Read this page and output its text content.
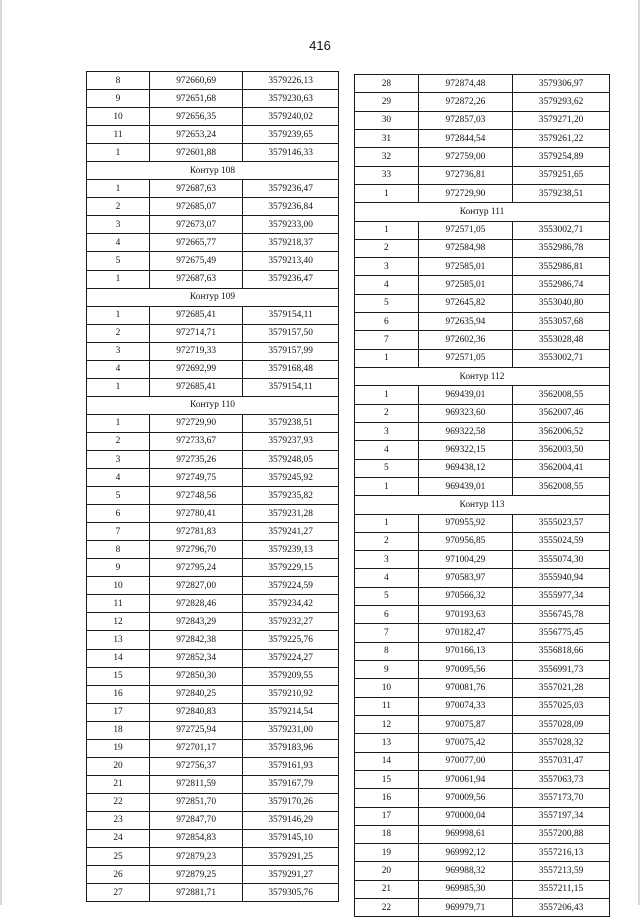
416
8	972660,69	3579226,13
9	972651,68	3579230,63
10	972656,35	3579240,02
11	972653,24	3579239,65
1	972601,88	3579146,33
Контур 108		
1	972687,63	3579236,47
2	972685,07	3579236,84
3	972673,07	3579233,00
4	972665,77	3579218,37
5	972675,49	3579213,40
1	972687,63	3579236,47
Контур 109		
1	972685,41	3579154,11
2	972714,71	3579157,50
3	972719,33	3579157,99
4	972692,99	3579168,48
1	972685,41	3579154,11
Контур 110		
1	972729,90	3579238,51
2	972733,67	3579237,93
3	972735,26	3579248,05
4	972749,75	3579245,92
5	972748,56	3579235,82
6	972780,41	3579231,28
7	972781,83	3579241,27
8	972796,70	3579239,13
9	972795,24	3579229,15
10	972827,00	3579224,59
11	972828,46	3579234,42
12	972843,29	3579232,27
13	972842,38	3579225,76
14	972852,34	3579224,27
15	972850,30	3579209,55
16	972840,25	3579210,92
17	972840,83	3579214,54
18	972725,94	3579231,00
19	972701,17	3579183,96
20	972756,37	3579161,93
21	972811,59	3579167,79
22	972851,70	3579170,26
23	972847,70	3579146,29
24	972854,83	3579145,10
25	972879,23	3579291,25
26	972879,25	3579291,27
27	972881,71	3579305,76
28	972874,48	3579306,97
29	972872,26	3579293,62
30	972857,03	3579271,20
31	972844,54	3579261,22
32	972759,00	3579254,89
33	972736,81	3579251,65
1	972729,90	3579238,51
Контур 111		
1	972571,05	3553002,71
2	972584,98	3552986,78
3	972585,01	3552986,81
4	972585,01	3552986,74
5	972645,82	3553040,80
6	972635,94	3553057,68
7	972602,36	3553028,48
1	972571,05	3553002,71
Контур 112		
1	969439,01	3562008,55
2	969323,60	3562007,46
3	969322,58	3562006,52
4	969322,15	3562003,50
5	969438,12	3562004,41
1	969439,01	3562008,55
Контур 113		
1	970955,92	3555023,57
2	970956,85	3555024,59
3	971004,29	3555074,30
4	970583,97	3555940,94
5	970566,32	3555977,34
6	970193,63	3556745,78
7	970182,47	3556775,45
8	970166,13	3556818,66
9	970095,56	3556991,73
10	970081,76	3557021,28
11	970074,33	3557025,03
12	970075,87	3557028,09
13	970075,42	3557028,32
14	970077,00	3557031,47
15	970061,94	3557063,73
16	970009,56	3557173,70
17	970000,04	3557197,34
18	969998,61	3557200,88
19	969992,12	3557216,13
20	969988,32	3557213,59
21	969985,30	3557211,15
22	969979,71	3557206,43
